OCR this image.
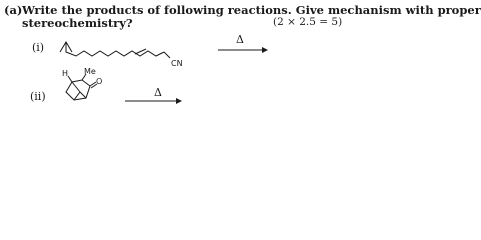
(a) Write the products of following reactions. Give mechanism with proper
stereochemistry?	(2 × 2.5 = 5)
(i)
CN
Δ
(ii)
H Me
O
Δ
